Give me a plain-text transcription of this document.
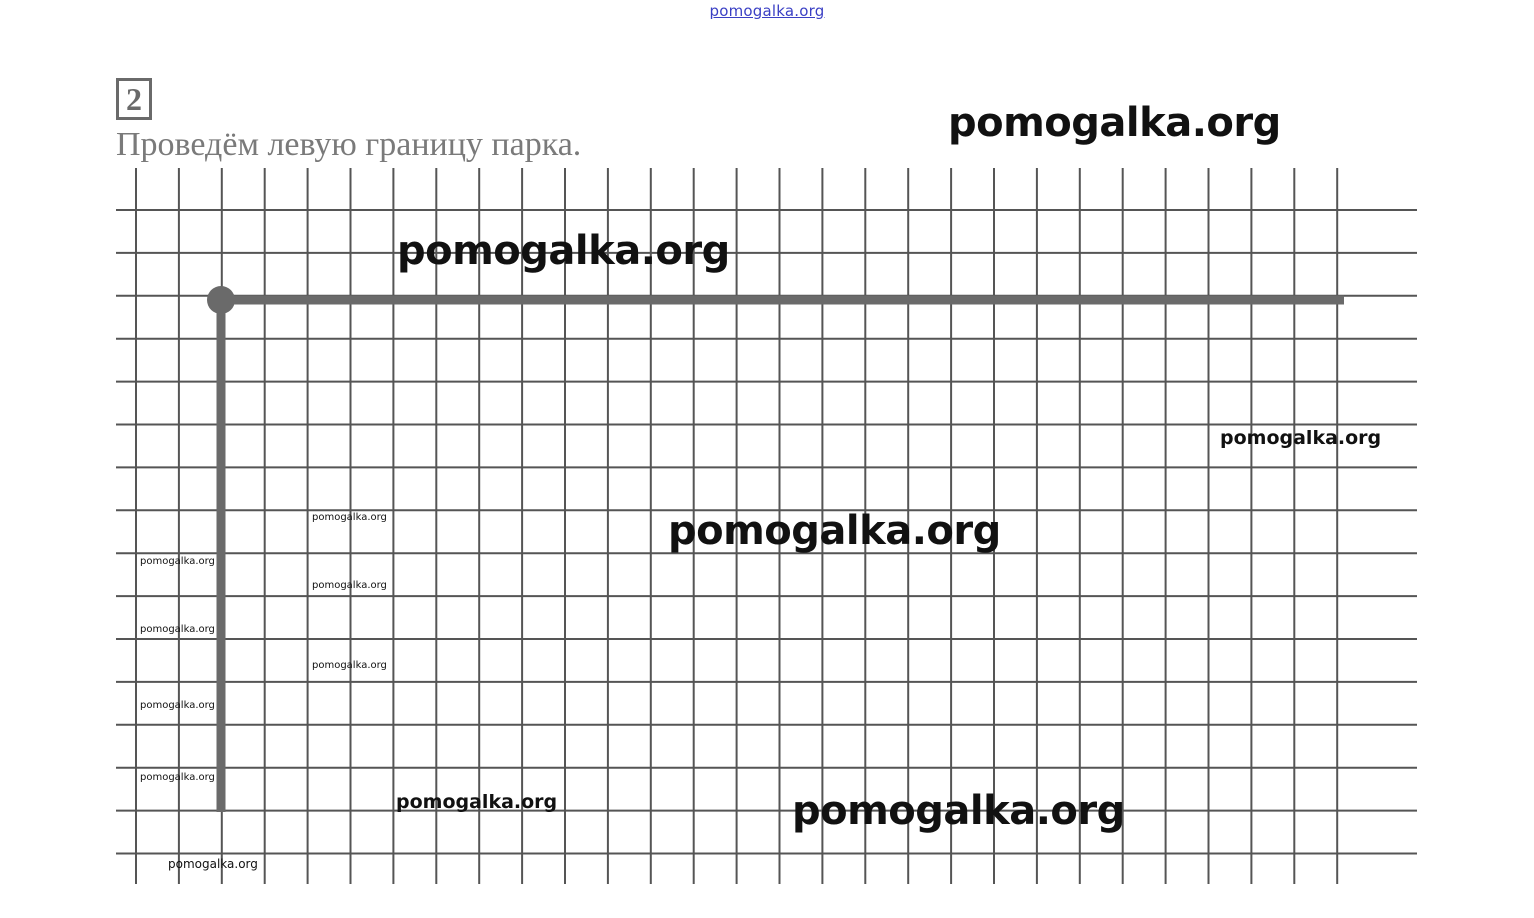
pomogalka.org
2
Проведём левую границу парка.	pomogalka.org
pomogalka.org
pomogalka.org
pomogalka.org
pomogalka.org
pomogalka.org
pomogalka.org
pomogalka.org
pomogalka.org
pomogalka.org
pomogalka.org
pomogalka.org	pomogalka.org
pomogalka.org
